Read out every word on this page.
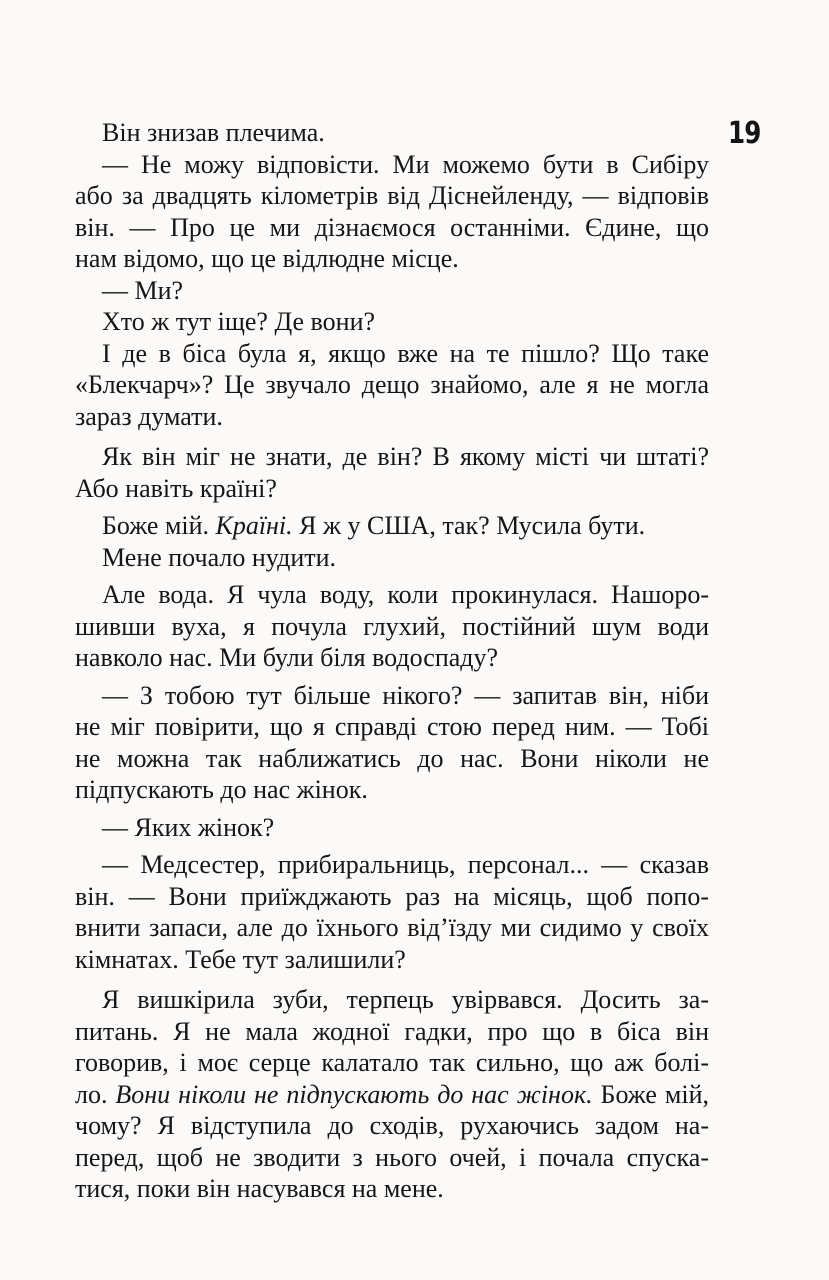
19

Він знизав плечима.

— Не можу відповісти. Ми можемо бути в Сибіру
або за двадцять кілометрів від Діснейленду, — відповів
він. — Про це ми дізнаємося останніми. Єдине, що
нам відомо, що це відлюдне місце.

— Ми?

Хто ж тут іще? Де вони?

І де в біса була я, якщо вже на те пішло? Що таке
«Блекчарч»? Це звучало дещо знайомо, але я не могла
зараз думати.

Як він міг не знати, де він? В якому місті чи штаті?
Або навіть країні?

Боже мій. Країні. Я ж у США, так? Мусила бути.

Мене почало нудити.

Але вода. Я чула воду, коли прокинулася. Нашоро-
шивши вуха, я почула глухий, постійний шум води
навколо нас. Ми були біля водоспаду?

— З тобою тут більше нікого? — запитав він, ніби
не міг повірити, що я справді стою перед ним. — Тобі
не можна так наближатись до нас. Вони ніколи не
підпускають до нас жінок.

— Яких жінок?

— Медсестер, прибиральниць, персонал... — сказав
він. — Вони приїжджають раз на місяць, щоб попо-
внити запаси, але до їхнього від’їзду ми сидимо у своїх
кімнатах. Тебе тут залишили?

Я вишкірила зуби, терпець увірвався. Досить за-
питань. Я не мала жодної гадки, про що в біса він
говорив, і моє серце калатало так сильно, що аж болі-
ло. Вони ніколи не підпускають до нас жінок. Боже мій,
чому? Я відступила до сходів, рухаючись задом на-
перед, щоб не зводити з нього очей, і почала спуска-
тися, поки він насувався на мене.
